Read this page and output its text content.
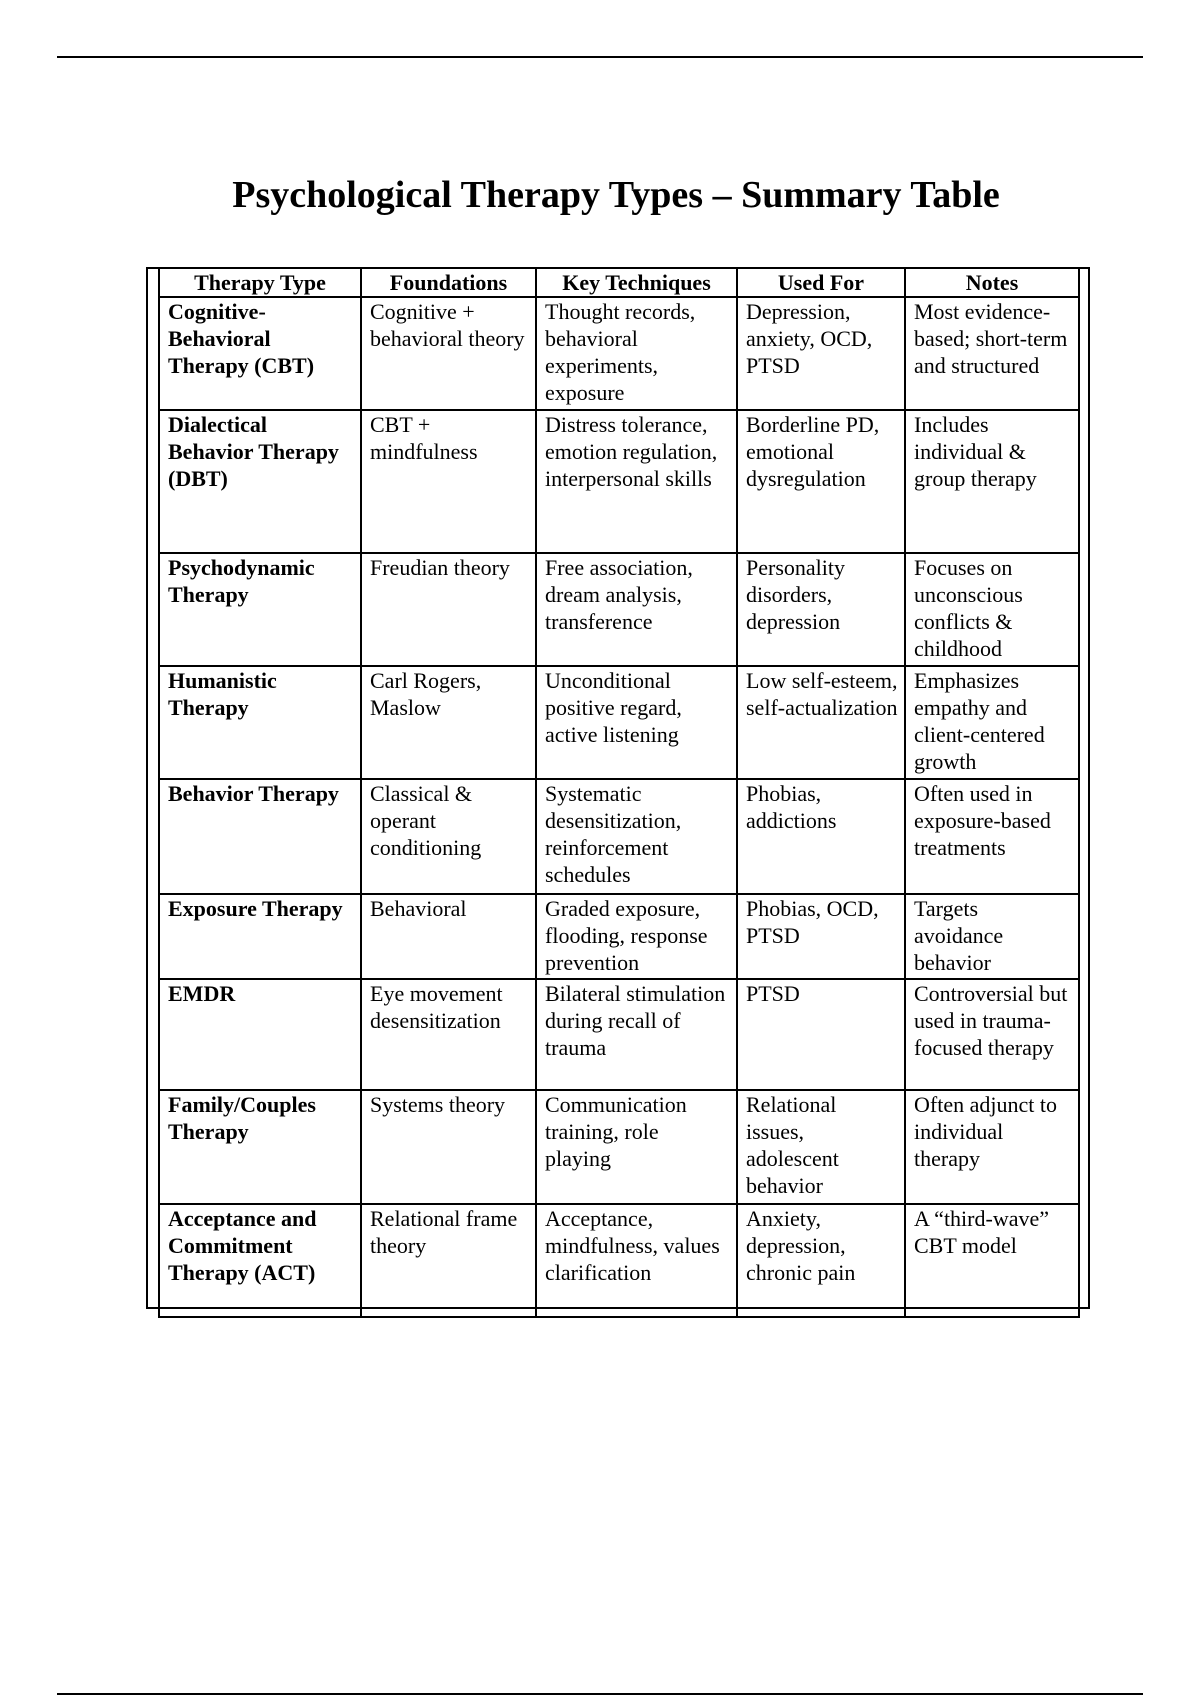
Psychological Therapy Types – Summary Table
Therapy Type	Foundations	Key Techniques	Used For	Notes
Cognitive-Behavioral Therapy (CBT)	Cognitive + behavioral theory	Thought records, behavioral experiments, exposure	Depression, anxiety, OCD, PTSD	Most evidence-based; short-term and structured
Dialectical Behavior Therapy (DBT)	CBT + mindfulness	Distress tolerance, emotion regulation, interpersonal skills	Borderline PD, emotional dysregulation	Includes individual & group therapy
Psychodynamic Therapy	Freudian theory	Free association, dream analysis, transference	Personality disorders, depression	Focuses on unconscious conflicts & childhood
Humanistic Therapy	Carl Rogers, Maslow	Unconditional positive regard, active listening	Low self-esteem, self-actualization	Emphasizes empathy and client-centered growth
Behavior Therapy	Classical & operant conditioning	Systematic desensitization, reinforcement schedules	Phobias, addictions	Often used in exposure-based treatments
Exposure Therapy	Behavioral	Graded exposure, flooding, response prevention	Phobias, OCD, PTSD	Targets avoidance behavior
EMDR	Eye movement desensitization	Bilateral stimulation during recall of trauma	PTSD	Controversial but used in trauma-focused therapy
Family/Couples Therapy	Systems theory	Communication training, role playing	Relational issues, adolescent behavior	Often adjunct to individual therapy
Acceptance and Commitment Therapy (ACT)	Relational frame theory	Acceptance, mindfulness, values clarification	Anxiety, depression, chronic pain	A “third-wave” CBT model
